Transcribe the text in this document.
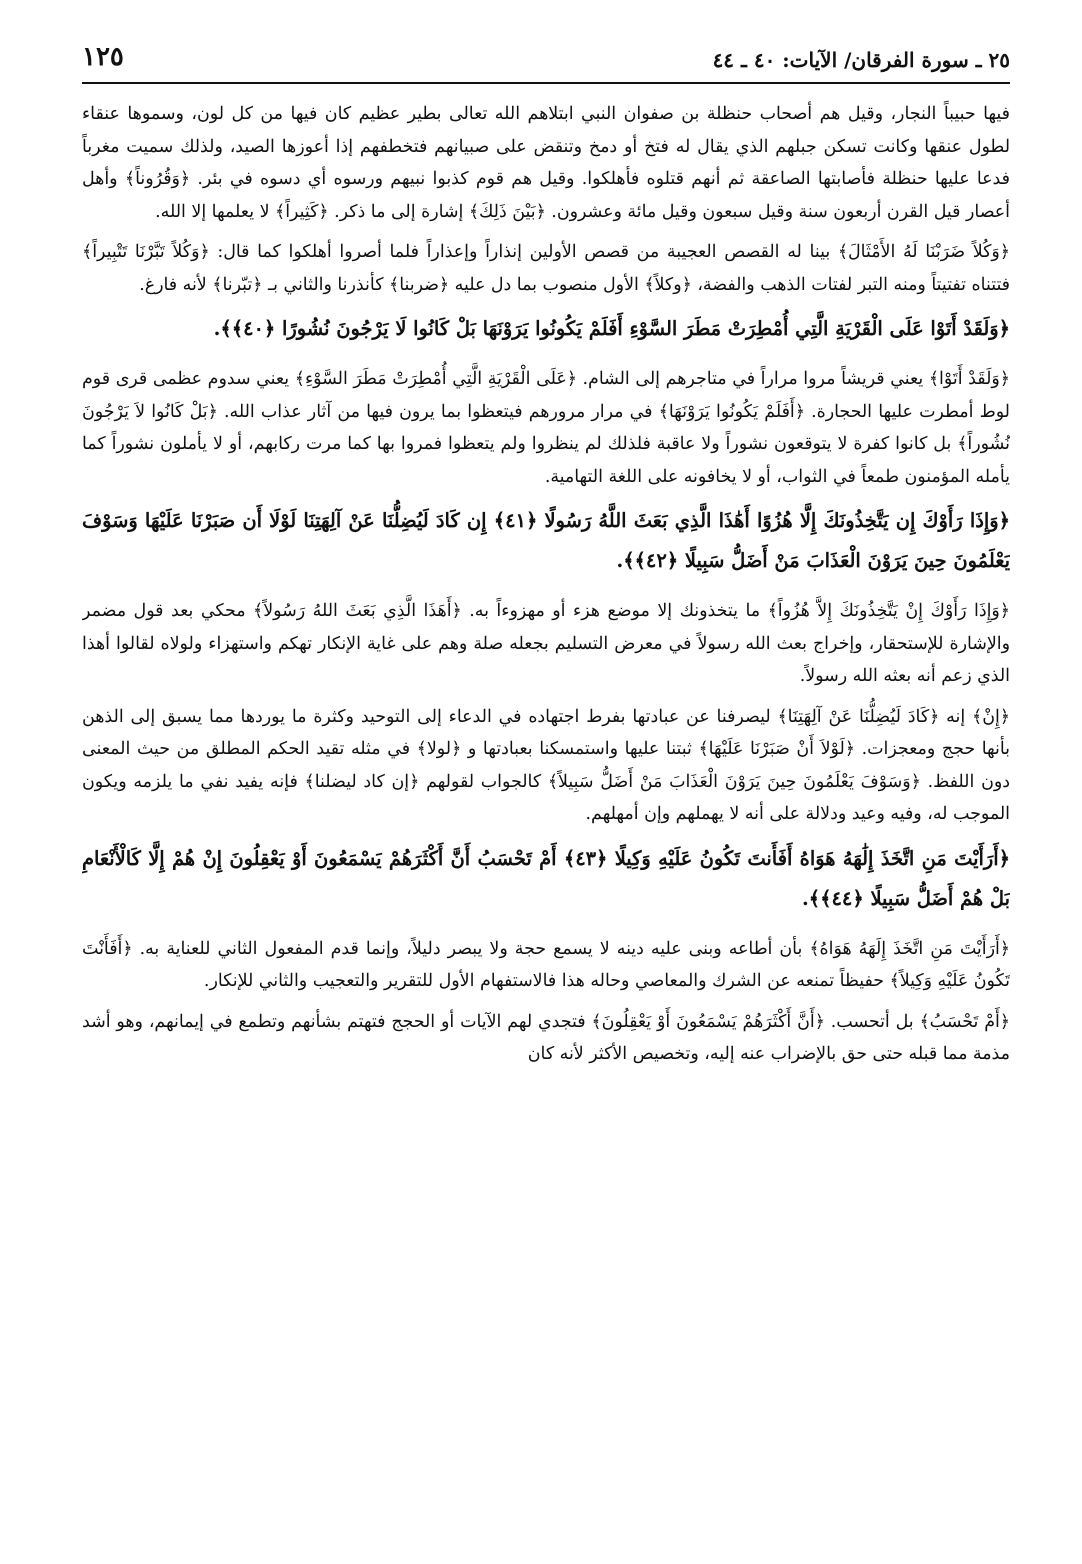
٢٥ ـ سورة الفرقان/ الآيات: ٤٠ ـ ٤٤
١٢٥

فيها حبيباً النجار، وقيل هم أصحاب حنظلة بن صفوان النبي ابتلاهم الله تعالى بطير عظيم كان فيها من كل لون، وسموها عنقاء لطول عنقها وكانت تسكن جبلهم الذي يقال له فتخ أو دمخ وتنقض على صبيانهم فتخطفهم إذا أعوزها الصيد، ولذلك سميت مغرباً فدعا عليها حنظلة فأصابتها الصاعقة ثم أنهم قتلوه فأهلكوا. وقيل هم قوم كذبوا نبيهم ورسوه أي دسوه في بئر. ﴿وَقُرُوناً﴾ وأهل أعصار قيل القرن أربعون سنة وقيل سبعون وقيل مائة وعشرون. ﴿بَيْنَ ذَلِكَ﴾ إشارة إلى ما ذكر. ﴿كَثِيراً﴾ لا يعلمها إلا الله.

﴿وَكُلاً ضَرَبْنَا لَهُ الأَمْثَالَ﴾ بينا له القصص العجيبة من قصص الأولين إنذاراً وإعذاراً فلما أصروا أهلكوا كما قال: ﴿وَكُلاً تَبَّرْنَا تَتْبِيراً﴾ فتتناه تفتيتاً ومنه التبر لفتات الذهب والفضة، ﴿وكلاً﴾ الأول منصوب بما دل عليه ﴿ضربنا﴾ كأنذرنا والثاني بـ ﴿تبّرنا﴾ لأنه فارغ.

﴿وَلَقَدْ أَتَوْا عَلَى الْقَرْيَةِ الَّتِي أُمْطِرَتْ مَطَرَ السَّوْءِ أَفَلَمْ يَكُونُوا يَرَوْنَهَا بَلْ كَانُوا لَا يَرْجُونَ نُشُورًا ﴿٤٠﴾﴾.

﴿وَلَقَدْ أَتَوْا﴾ يعني قريشاً مروا مراراً في متاجرهم إلى الشام. ﴿عَلَى الْقَرْيَةِ الَّتِي أُمْطِرَتْ مَطَرَ السَّوْءِ﴾ يعني سدوم عظمى قرى قوم لوط أمطرت عليها الحجارة. ﴿أَفَلَمْ يَكُونُوا يَرَوْنَهَا﴾ في مرار مرورهم فيتعظوا بما يرون فيها من آثار عذاب الله. ﴿بَلْ كَانُوا لاَ يَرْجُونَ نُشُوراً﴾ بل كانوا كفرة لا يتوقعون نشوراً ولا عاقبة فلذلك لم ينظروا ولم يتعظوا فمروا بها كما مرت ركابهم، أو لا يأملون نشوراً كما يأمله المؤمنون طمعاً في الثواب، أو لا يخافونه على اللغة التهامية.

﴿وَإِذَا رَأَوْكَ إِن يَتَّخِذُونَكَ إِلَّا هُزُوًا أَهَٰذَا الَّذِي بَعَثَ اللَّهُ رَسُولًا ﴿٤١﴾ إِن كَادَ لَيُضِلُّنَا عَنْ آلِهَتِنَا لَوْلَا أَن صَبَرْنَا عَلَيْهَا وَسَوْفَ يَعْلَمُونَ حِينَ يَرَوْنَ الْعَذَابَ مَنْ أَضَلُّ سَبِيلًا ﴿٤٢﴾﴾.

﴿وَإِذَا رَأَوْكَ إِنْ يَتَّخِذُونَكَ إِلاَّ هُزُواً﴾ ما يتخذونك إلا موضع هزء أو مهزوءاً به. ﴿أَهَذَا الَّذِي بَعَثَ اللهُ رَسُولاً﴾ محكي بعد قول مضمر والإشارة للإستحقار، وإخراج بعث الله رسولاً في معرض التسليم بجعله صلة وهم على غاية الإنكار تهكم واستهزاء ولولاه لقالوا أهذا الذي زعم أنه بعثه الله رسولاً.

﴿إِنْ﴾ إنه ﴿كَادَ لَيُضِلُّنَا عَنْ آلِهَتِنَا﴾ ليصرفنا عن عبادتها بفرط اجتهاده في الدعاء إلى التوحيد وكثرة ما يوردها مما يسبق إلى الذهن بأنها حجج ومعجزات. ﴿لَوْلاَ أَنْ صَبَرْنَا عَلَيْهَا﴾ ثبتنا عليها واستمسكنا بعبادتها و ﴿لولا﴾ في مثله تقيد الحكم المطلق من حيث المعنى دون اللفظ. ﴿وَسَوْفَ يَعْلَمُونَ حِينَ يَرَوْنَ الْعَذَابَ مَنْ أَضَلُّ سَبِيلاً﴾ كالجواب لقولهم ﴿إن كاد ليضلنا﴾ فإنه يفيد نفي ما يلزمه ويكون الموجب له، وفيه وعيد ودلالة على أنه لا يهملهم وإن أمهلهم.

﴿أَرَأَيْتَ مَنِ اتَّخَذَ إِلَٰهَهُ هَوَاهُ أَفَأَنتَ تَكُونُ عَلَيْهِ وَكِيلًا ﴿٤٣﴾ أَمْ تَحْسَبُ أَنَّ أَكْثَرَهُمْ يَسْمَعُونَ أَوْ يَعْقِلُونَ إِنْ هُمْ إِلَّا كَالْأَنْعَامِ بَلْ هُمْ أَضَلُّ سَبِيلًا ﴿٤٤﴾﴾.

﴿أَرَأَيْتَ مَنِ اتَّخَذَ إِلَهَهُ هَوَاهُ﴾ بأن أطاعه وبنى عليه دينه لا يسمع حجة ولا يبصر دليلاً، وإنما قدم المفعول الثاني للعناية به. ﴿أَفَأَنْتَ تَكُونُ عَلَيْهِ وَكِيلاً﴾ حفيظاً تمنعه عن الشرك والمعاصي وحاله هذا فالاستفهام الأول للتقرير والتعجيب والثاني للإنكار.

﴿أَمْ تَحْسَبُ﴾ بل أتحسب. ﴿أَنَّ أَكْثَرَهُمْ يَسْمَعُونَ أَوْ يَعْقِلُونَ﴾ فتجدي لهم الآيات أو الحجج فتهتم بشأنهم وتطمع في إيمانهم، وهو أشد مذمة مما قبله حتى حق بالإضراب عنه إليه، وتخصيص الأكثر لأنه كان
